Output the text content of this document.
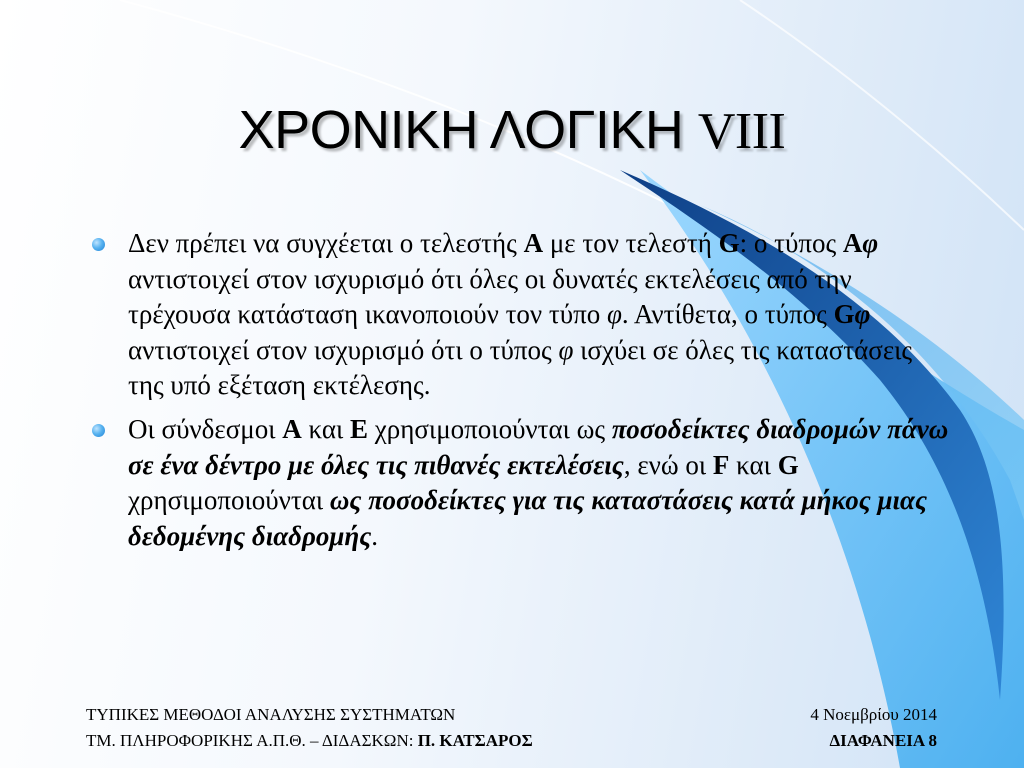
ΧΡΟΝΙΚΗ ΛΟΓΙΚΗ VIII
Δεν πρέπει να συγχέεται ο τελεστής A με τον τελεστή G: ο τύπος Aφ αντιστοιχεί στον ισχυρισμό ότι όλες οι δυνατές εκτελέσεις από την τρέχουσα κατάσταση ικανοποιούν τον τύπο φ. Αντίθετα, ο τύπος Gφ αντιστοιχεί στον ισχυρισμό ότι ο τύπος φ ισχύει σε όλες τις καταστάσεις της υπό εξέταση εκτέλεσης.
Οι σύνδεσμοι A και E χρησιμοποιούνται ως ποσοδείκτες διαδρομών πάνω σε ένα δέντρο με όλες τις πιθανές εκτελέσεις, ενώ οι F και G χρησιμοποιούνται ως ποσοδείκτες για τις καταστάσεις κατά μήκος μιας δεδομένης διαδρομής.
ΤΥΠΙΚΕΣ ΜΕΘΟΔΟΙ ΑΝΑΛΥΣΗΣ ΣΥΣΤΗΜΑΤΩΝ
ΤΜ. ΠΛΗΡΟΦΟΡΙΚΗΣ Α.Π.Θ. – ΔΙΔΑΣΚΩΝ: Π. ΚΑΤΣΑΡΟΣ
4 Νοεμβρίου 2014
ΔΙΑΦΑΝΕΙΑ 8
